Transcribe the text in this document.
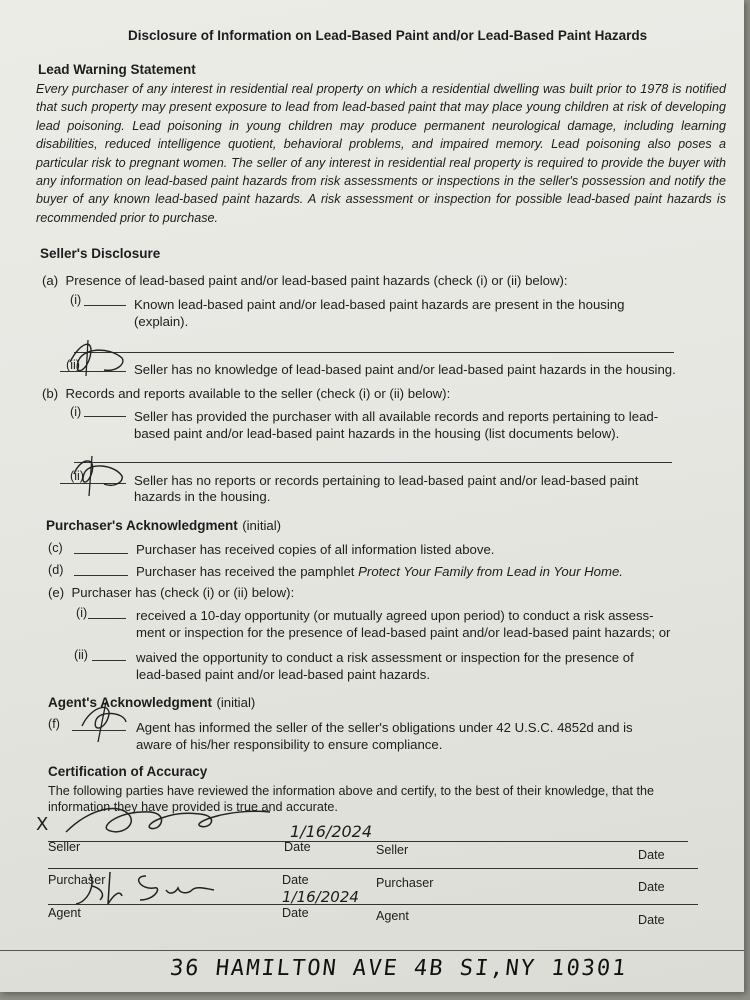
Disclosure of Information on Lead-Based Paint and/or Lead-Based Paint Hazards
Lead Warning Statement
Every purchaser of any interest in residential real property on which a residential dwelling was built prior to 1978 is notified that such property may present exposure to lead from lead-based paint that may place young children at risk of developing lead poisoning. Lead poisoning in young children may produce permanent neurological damage, including learning disabilities, reduced intelligence quotient, behavioral problems, and impaired memory. Lead poisoning also poses a particular risk to pregnant women. The seller of any interest in residential real property is required to provide the buyer with any information on lead-based paint hazards from risk assessments or inspections in the seller's possession and notify the buyer of any known lead-based paint hazards. A risk assessment or inspection for possible lead-based paint hazards is recommended prior to purchase.
Seller's Disclosure
(a) Presence of lead-based paint and/or lead-based paint hazards (check (i) or (ii) below):
(i)	Known lead-based paint and/or lead-based paint hazards are present in the housing
(explain).
(ii)	Seller has no knowledge of lead-based paint and/or lead-based paint hazards in the housing.
(b) Records and reports available to the seller (check (i) or (ii) below):
(i)	Seller has provided the purchaser with all available records and reports pertaining to lead-
based paint and/or lead-based paint hazards in the housing (list documents below).
(ii)	Seller has no reports or records pertaining to lead-based paint and/or lead-based paint
hazards in the housing.
Purchaser's Acknowledgment (initial)
(c)	Purchaser has received copies of all information listed above.
(d)	Purchaser has received the pamphlet Protect Your Family from Lead in Your Home.
(e) Purchaser has (check (i) or (ii) below):
(i)	received a 10-day opportunity (or mutually agreed upon period) to conduct a risk assess-
ment or inspection for the presence of lead-based paint and/or lead-based paint hazards; or
(ii)	waived the opportunity to conduct a risk assessment or inspection for the presence of
lead-based paint and/or lead-based paint hazards.
Agent's Acknowledgment (initial)
(f)	Agent has informed the seller of the seller's obligations under 42 U.S.C. 4852d and is
aware of his/her responsibility to ensure compliance.
Certification of Accuracy
The following parties have reviewed the information above and certify, to the best of their knowledge, that the
information they have provided is true and accurate.
X	1/16/2024
Seller	Date	Seller	Date
Purchaser	Date	Purchaser	Date
1/16/2024
Agent	Date	Agent	Date
36 HAMILTON AVE 4B SI,NY 10301
